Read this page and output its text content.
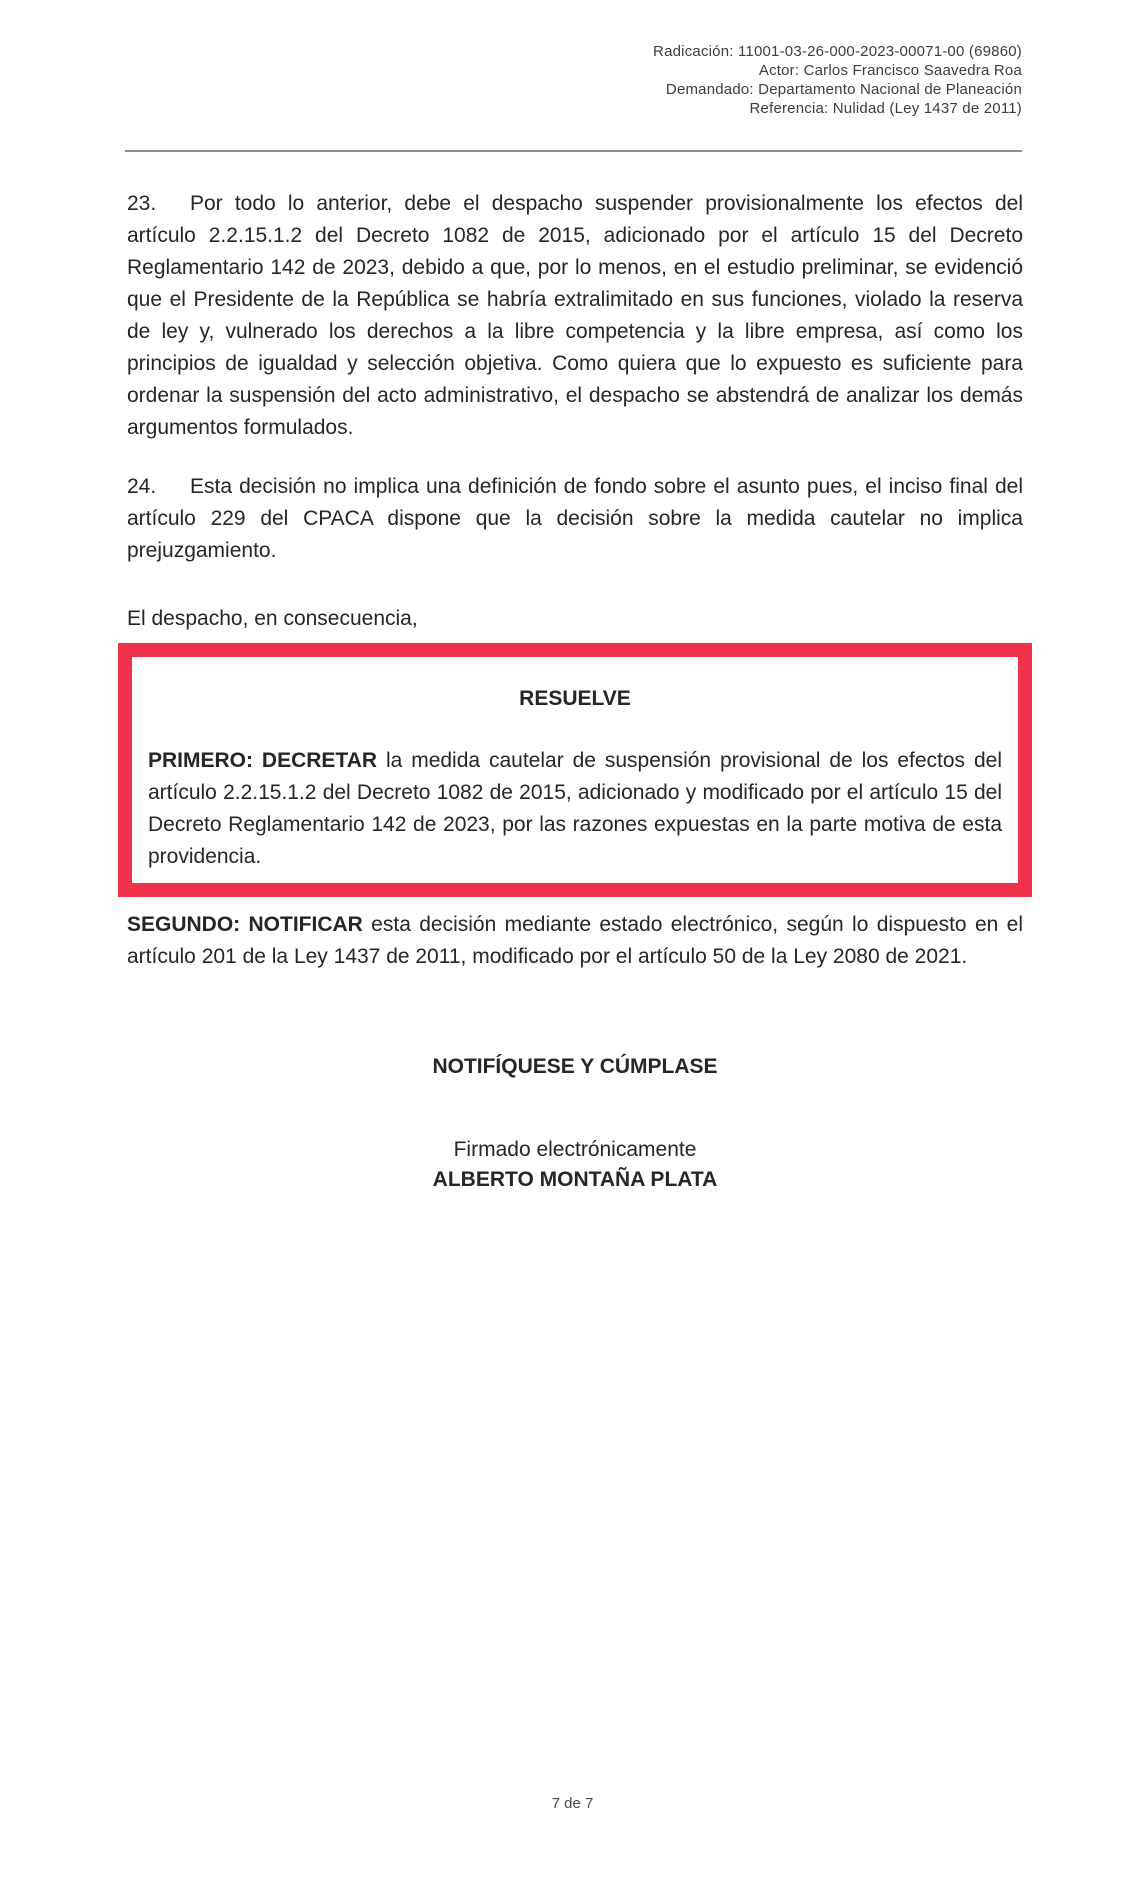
Radicación: 11001-03-26-000-2023-00071-00 (69860)
Actor: Carlos Francisco Saavedra Roa
Demandado: Departamento Nacional de Planeación
Referencia: Nulidad (Ley 1437 de 2011)

23. Por todo lo anterior, debe el despacho suspender provisionalmente los efectos del artículo 2.2.15.1.2 del Decreto 1082 de 2015, adicionado por el artículo 15 del Decreto Reglamentario 142 de 2023, debido a que, por lo menos, en el estudio preliminar, se evidenció que el Presidente de la República se habría extralimitado en sus funciones, violado la reserva de ley y, vulnerado los derechos a la libre competencia y la libre empresa, así como los principios de igualdad y selección objetiva. Como quiera que lo expuesto es suficiente para ordenar la suspensión del acto administrativo, el despacho se abstendrá de analizar los demás argumentos formulados.

24. Esta decisión no implica una definición de fondo sobre el asunto pues, el inciso final del artículo 229 del CPACA dispone que la decisión sobre la medida cautelar no implica prejuzgamiento.

El despacho, en consecuencia,

RESUELVE

PRIMERO: DECRETAR la medida cautelar de suspensión provisional de los efectos del artículo 2.2.15.1.2 del Decreto 1082 de 2015, adicionado y modificado por el artículo 15 del Decreto Reglamentario 142 de 2023, por las razones expuestas en la parte motiva de esta providencia.

SEGUNDO: NOTIFICAR esta decisión mediante estado electrónico, según lo dispuesto en el artículo 201 de la Ley 1437 de 2011, modificado por el artículo 50 de la Ley 2080 de 2021.

NOTIFÍQUESE Y CÚMPLASE

Firmado electrónicamente
ALBERTO MONTAÑA PLATA
7 de 7
